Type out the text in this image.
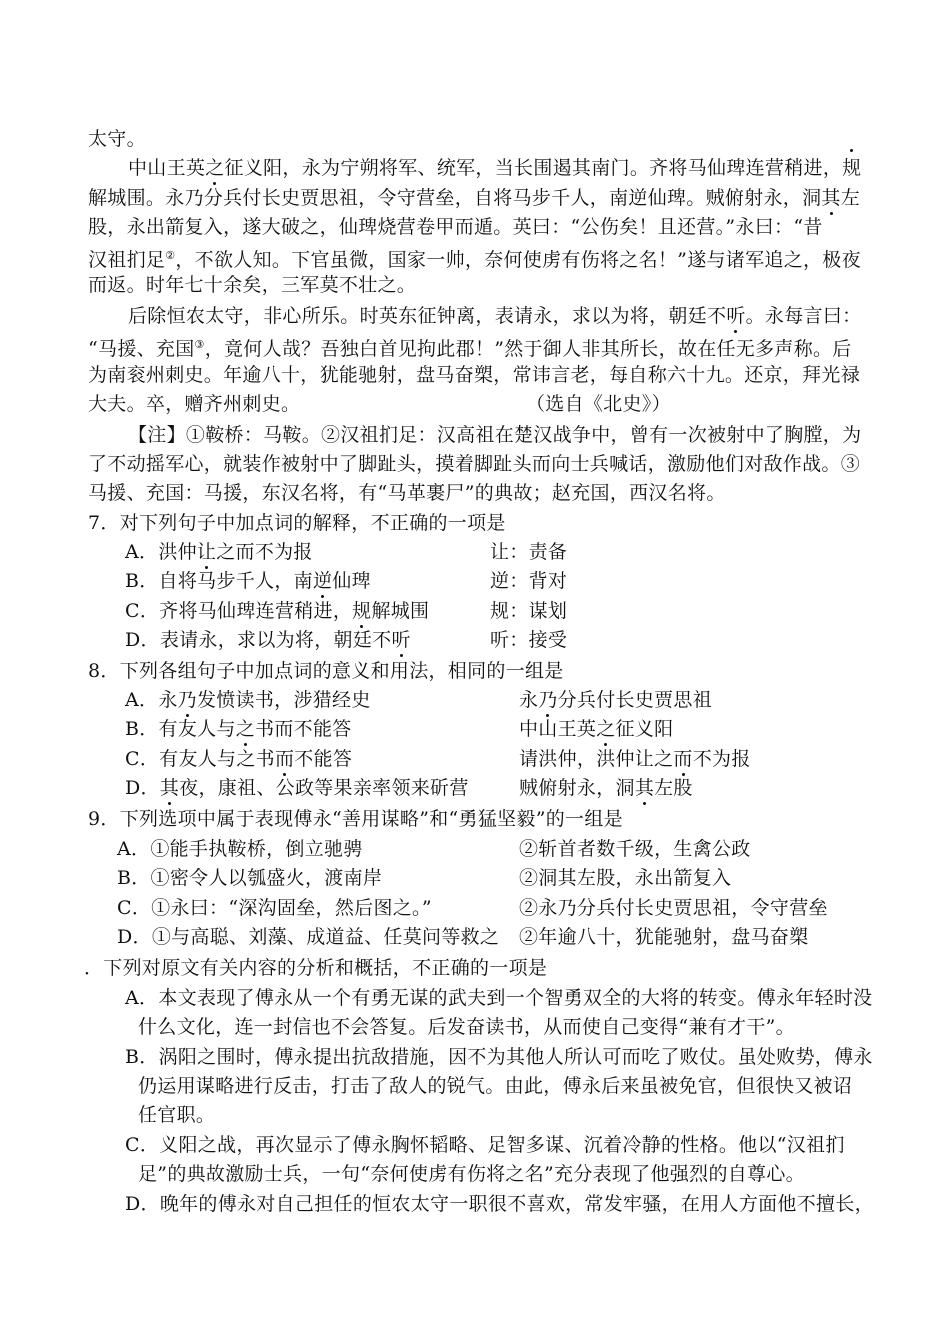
太守。
中山王英之征义阳，永为宁朔将军、统军，当长围遏其南门。齐将马仙琕连营稍进，规
解城围。永乃分兵付长史贾思祖，令守营垒，自将马步千人，南逆仙琕。贼俯射永，洞其左
股，永出箭复入，遂大破之，仙琕烧营卷甲而遁。英曰：“公伤矣！且还营。”永曰：“昔
汉祖扪足②，不欲人知。下官虽微，国家一帅，奈何使虏有伤将之名！”遂与诸军追之，极夜
而返。时年七十余矣，三军莫不壮之。
后除恒农太守，非心所乐。时英东征钟离，表请永，求以为将，朝廷不听。永每言曰：
“马援、充国③，竟何人哉？吾独白首见拘此郡！”然于御人非其所长，故在任无多声称。后
为南衮州刺史。年逾八十，犹能驰射，盘马奋槊，常讳言老，每自称六十九。还京，拜光禄
大夫。卒，赠齐州刺史。	（选自《北史》）
【注】①鞍桥：马鞍。②汉祖扪足：汉高祖在楚汉战争中，曾有一次被射中了胸膛，为
了不动摇军心，就装作被射中了脚趾头，摸着脚趾头而向士兵喊话，激励他们对敌作战。③
马援、充国：马援，东汉名将，有“马革裹尸”的典故；赵充国，西汉名将。
7．对下列句子中加点词的解释，不正确的一项是
A．洪仲让之而不为报	让：责备
B．自将马步千人，南逆仙琕	逆：背对
C．齐将马仙琕连营稍进，规解城围	规：谋划
D．表请永，求以为将，朝廷不听	听：接受
8．下列各组句子中加点词的意义和用法，相同的一组是
A．永乃发愤读书，涉猎经史	永乃分兵付长史贾思祖
B．有友人与之书而不能答	中山王英之征义阳
C．有友人与之书而不能答	请洪仲，洪仲让之而不为报
D．其夜，康祖、公政等果亲率领来斫营	贼俯射永，洞其左股
9．下列选项中属于表现傅永“善用谋略”和“勇猛坚毅”的一组是
A．①能手执鞍桥，倒立驰骋	②斩首者数千级，生禽公政
B．①密令人以瓠盛火，渡南岸	②洞其左股，永出箭复入
C．①永曰：“深沟固垒，然后图之。”	②永乃分兵付长史贾思祖，令守营垒
D．①与高聪、刘藻、成道益、任莫问等救之 ②年逾八十，犹能驰射，盘马奋槊
．下列对原文有关内容的分析和概括，不正确的一项是
A．本文表现了傅永从一个有勇无谋的武夫到一个智勇双全的大将的转变。傅永年轻时没
什么文化，连一封信也不会答复。后发奋读书，从而使自己变得“兼有才干”。
B．涡阳之围时，傅永提出抗敌措施，因不为其他人所认可而吃了败仗。虽处败势，傅永
仍运用谋略进行反击，打击了敌人的锐气。由此，傅永后来虽被免官，但很快又被诏
任官职。
C．义阳之战，再次显示了傅永胸怀韬略、足智多谋、沉着冷静的性格。他以“汉祖扪
足”的典故激励士兵，一句“奈何使虏有伤将之名”充分表现了他强烈的自尊心。
D．晚年的傅永对自己担任的恒农太守一职很不喜欢，常发牢骚，在用人方面他不擅长，
